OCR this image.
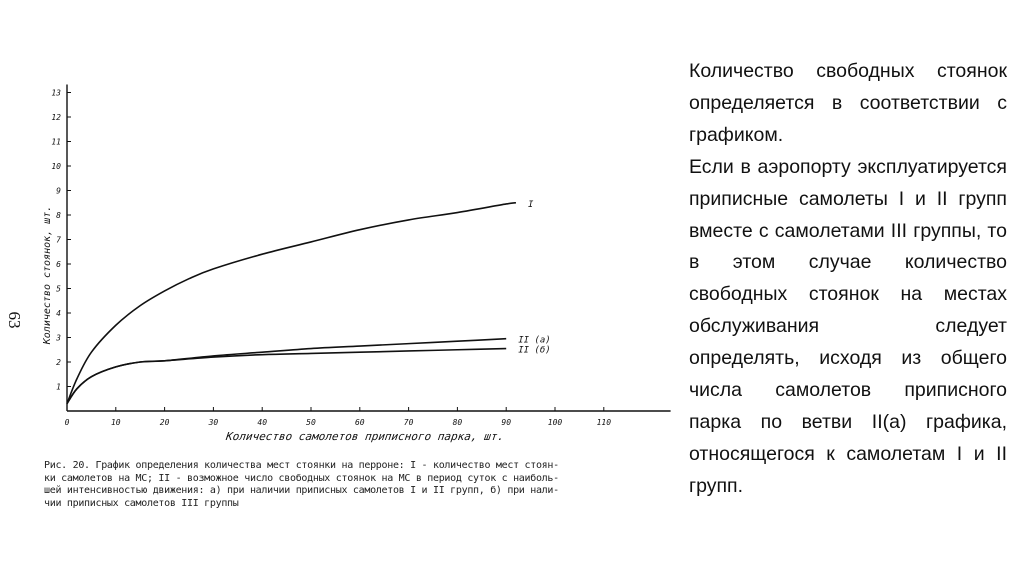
63
0	10	20	30	40	50	60	70	80	90	100	110
1
2
3
4
5
6
7
8
9
10
11
12
13
I
II (а)
II (б)
Количество самолетов приписного парка, шт.
Количество стоянок, шт.
Рис. 20. График определения количества мест стоянки на перроне: I - количество мест стоян-
ки самолетов на МС; II - возможное число свободных стоянок на МС в период суток с наиболь-
шей интенсивностью движения: а) при наличии приписных самолетов I и II групп, б) при нали-
чии приписных самолетов III группы

Количество свободных стоянок определяется в соответствии с графиком.

Если в аэропорту эксплуатируется приписные самолеты I и II групп вместе с самолетами III группы, то в этом случае количество свободных стоянок на местах обслуживания следует определять, исходя из общего числа самолетов приписного парка по ветви II(а) графика, относящегося к самолетам I и II групп.
